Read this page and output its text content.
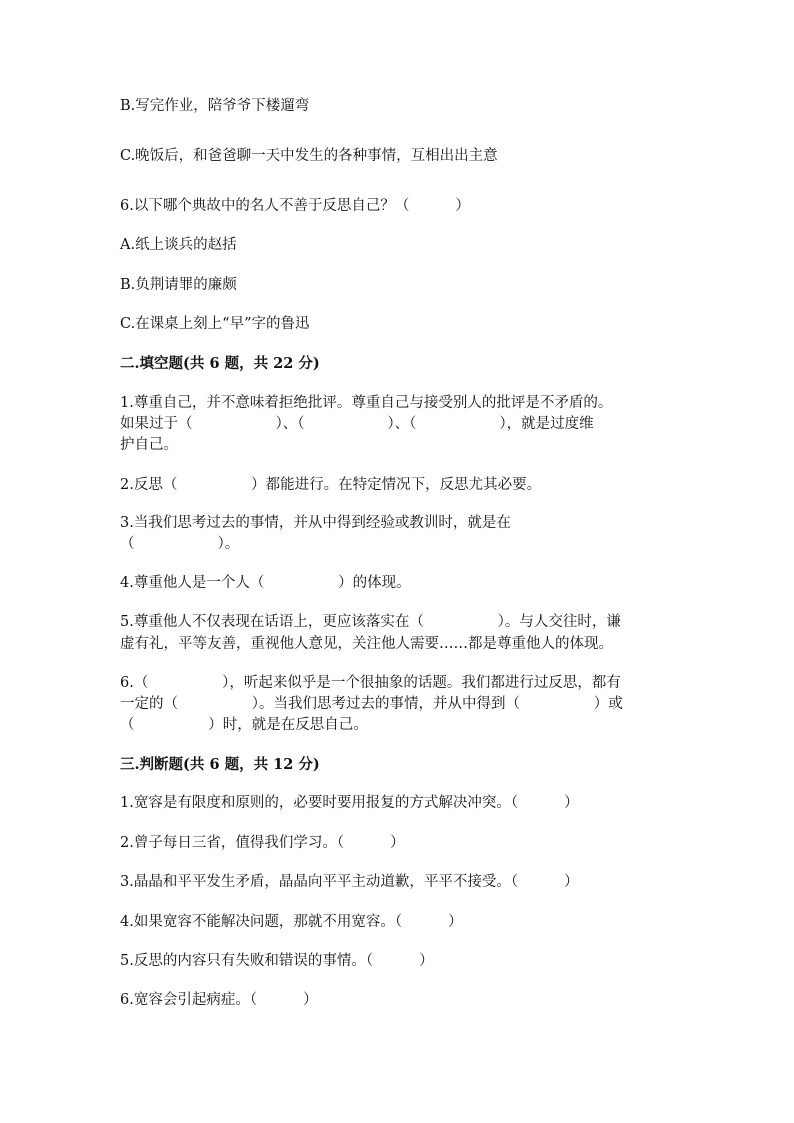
B.写完作业，陪爷爷下楼遛弯
C.晚饭后，和爸爸聊一天中发生的各种事情，互相出出主意
6.以下哪个典故中的名人不善于反思自己？（          ）
A.纸上谈兵的赵括
B.负荆请罪的廉颇
C.在课桌上刻上“早”字的鲁迅
二.填空题(共 6 题，共 22 分)
1.尊重自己，并不意味着拒绝批评。尊重自己与接受别人的批评是不矛盾的。
如果过于（                  ）、（                  ）、（                  ），就是过度维
护自己。
2.反思（                ）都能进行。在特定情况下，反思尤其必要。
3.当我们思考过去的事情，并从中得到经验或教训时，就是在
（                  ）。
4.尊重他人是一个人（                ）的体现。
5.尊重他人不仅表现在话语上，更应该落实在（                ）。与人交往时，谦
虚有礼，平等友善，重视他人意见，关注他人需要……都是尊重他人的体现。
6.（                ），听起来似乎是一个很抽象的话题。我们都进行过反思，都有
一定的（                ）。当我们思考过去的事情，并从中得到（                ）或
（                ）时，就是在反思自己。
三.判断题(共 6 题，共 12 分)
1.宽容是有限度和原则的，必要时要用报复的方式解决冲突。（          ）
2.曾子每日三省，值得我们学习。（          ）
3.晶晶和平平发生矛盾，晶晶向平平主动道歉，平平不接受。（          ）
4.如果宽容不能解决问题，那就不用宽容。（          ）
5.反思的内容只有失败和错误的事情。（          ）
6.宽容会引起病症。（          ）
